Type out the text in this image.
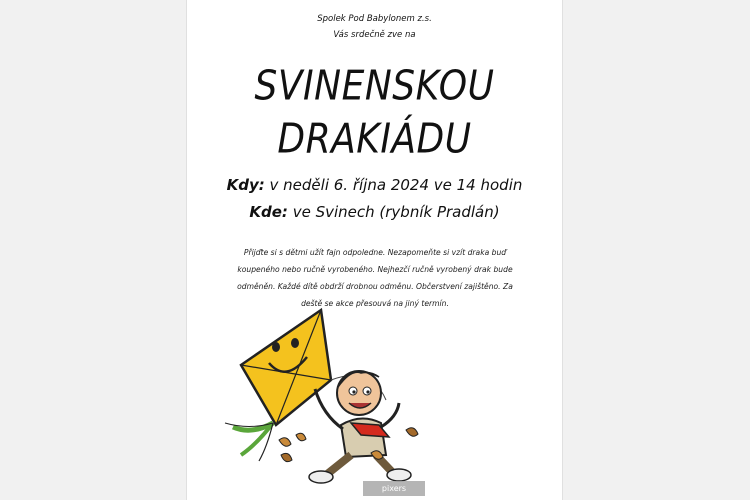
Spolek Pod Babylonem z.s.
Vás srdečně zve na
SVINENSKOU
DRAKIÁDU
Kdy: v neděli 6. října 2024 ve 14 hodin
Kde: ve Svinech (rybník Pradlán)
Přijďte si s dětmi užít fajn odpoledne. Nezapomeňte si vzít draka buď koupeného nebo ručně vyrobeného. Nejhezčí ručně vyrobený drak bude odměněn. Každé dítě obdrží drobnou odměnu. Občerstvení zajištěno. Za deště se akce přesouvá na jiný termín.
pixers
